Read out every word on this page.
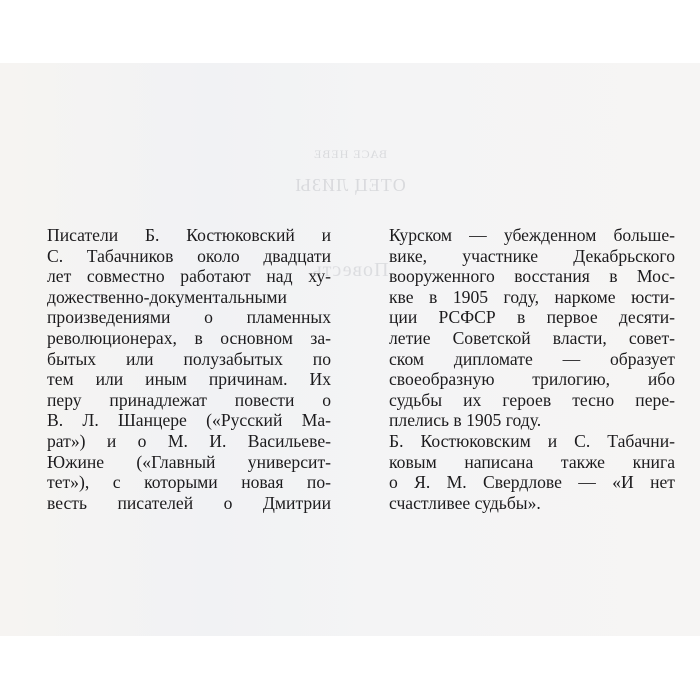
ВАСЕ НЕВЕ
ОТЕЦ ЛИЗЫ
Повесть
Писатели Б. Костюковский и
С. Табачников около двадцати
лет совместно работают над ху-
дожественно-документальными
произведениями о пламенных
революционерах, в основном за-
бытых или полузабытых по
тем или иным причинам. Их
перу принадлежат повести о
В. Л. Шанцере («Русский Ма-
рат») и о М. И. Васильеве-
Южине («Главный университ-
тет»), с которыми новая по-
весть писателей о Дмитрии
Курском — убежденном больше-
вике, участнике Декабрьского
вооруженного восстания в Мос-
кве в 1905 году, наркоме юсти-
ции РСФСР в первое десяти-
летие Советской власти, совет-
ском дипломате — образует
своеобразную трилогию, ибо
судьбы их героев тесно пере-
плелись в 1905 году.
Б. Костюковским и С. Табачни-
ковым написана также книга
о Я. М. Свердлове — «И нет
счастливее судьбы».
